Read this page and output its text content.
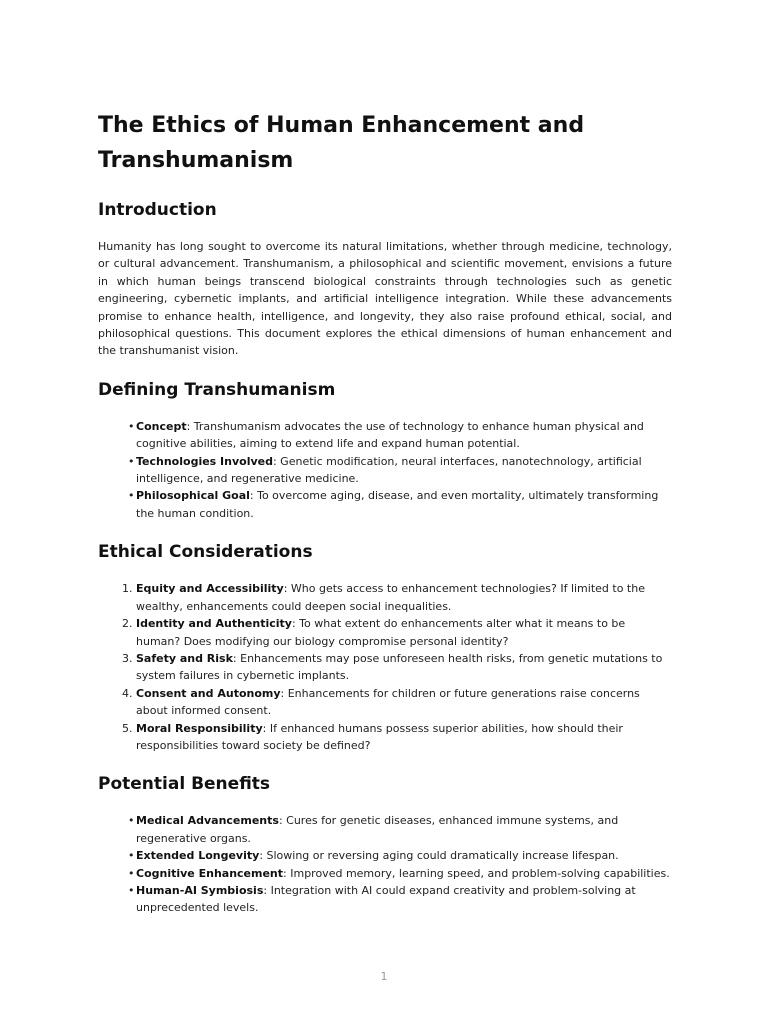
The Ethics of Human Enhancement and Transhumanism
Introduction

Humanity has long sought to overcome its natural limitations, whether through medicine, technology, or cultural advancement. Transhumanism, a philosophical and scientific movement, envisions a future in which human beings transcend biological constraints through technologies such as genetic engineering, cybernetic implants, and artificial intelligence integration. While these advancements promise to enhance health, intelligence, and longevity, they also raise profound ethical, social, and philosophical questions. This document explores the ethical dimensions of human enhancement and the transhumanist vision.

Defining Transhumanism
• Concept: Transhumanism advocates the use of technology to enhance human physical and cognitive abilities, aiming to extend life and expand human potential.
• Technologies Involved: Genetic modification, neural interfaces, nanotechnology, artificial intelligence, and regenerative medicine.
• Philosophical Goal: To overcome aging, disease, and even mortality, ultimately transforming the human condition.
Ethical Considerations
1. Equity and Accessibility: Who gets access to enhancement technologies? If limited to the wealthy, enhancements could deepen social inequalities.
2. Identity and Authenticity: To what extent do enhancements alter what it means to be human? Does modifying our biology compromise personal identity?
3. Safety and Risk: Enhancements may pose unforeseen health risks, from genetic mutations to system failures in cybernetic implants.
4. Consent and Autonomy: Enhancements for children or future generations raise concerns about informed consent.
5. Moral Responsibility: If enhanced humans possess superior abilities, how should their responsibilities toward society be defined?
Potential Benefits
• Medical Advancements: Cures for genetic diseases, enhanced immune systems, and regenerative organs.
• Extended Longevity: Slowing or reversing aging could dramatically increase lifespan.
• Cognitive Enhancement: Improved memory, learning speed, and problem-solving capabilities.
• Human-AI Symbiosis: Integration with AI could expand creativity and problem-solving at unprecedented levels.
1
